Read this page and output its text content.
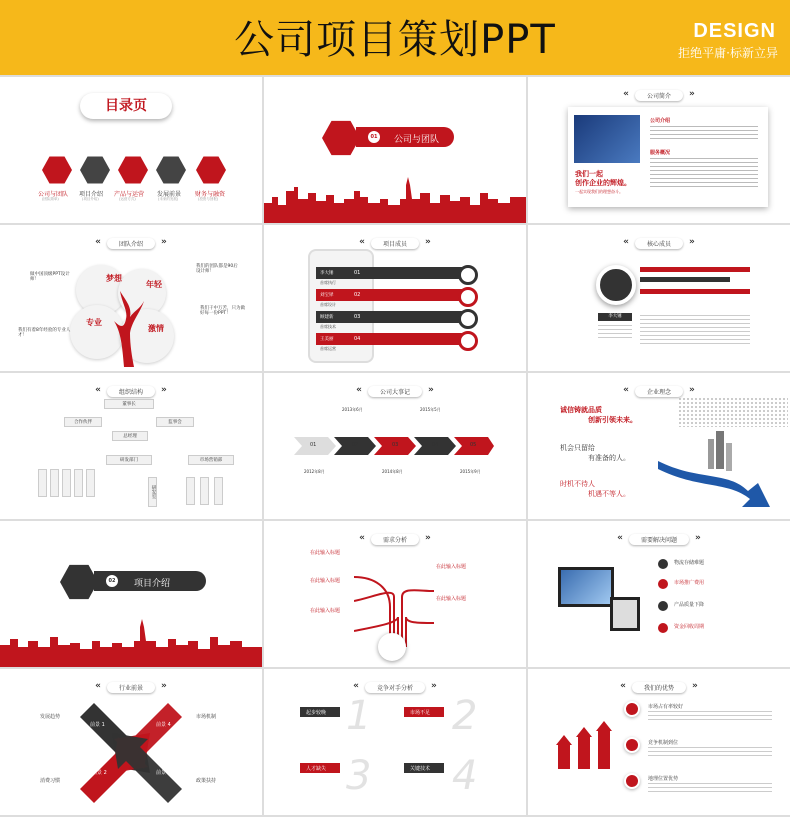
公司项目策划PPT	DESIGN
拒绝平庸·标新立异
目录页
公司与团队 项目介绍 产品与运营 发展前景 财务与融资
(团队简单)	(项目介绍)	(运营方式)	(未来的发展)	(投资与回报)
01 公司与团队
«	公司简介 »
我们一起
创作企业的辉煌。
一起实现我们的理想奋斗。
公司介绍
服务概况
«	团队介绍 »
梦想
年轻
专业
激情
做中国顶级PPT设计师！
我们的团队都是90后设计师！
我们有着8年经验的专业人才！
我们干中万苦，只为做好每一份PPT！
«	项目成员 »
李大锤
刘宝铎
顾建新
王美丽
首席执行
首席设计
首席技术
首席运营
01
02
03
04
«	核心成员 »
李大锤
«	组织结构 »
董事长
合作伙伴	监事会
总经理
研发部门	市场营销部
研发室
«	公司大事记 »
01	02	03	04	05
2013年6月	2015年5月
2012年8月	2014年8月	2015年9月
«	企业理念 »
诚信铸就品质
创新引领未来。
机会只留给
有准备的人。
时机不待人
机遇不等人。
02 项目介绍
«	需求分析 »
在此输入标题
在此输入标题
在此输入标题
在此输入标题
在此输入标题
«	需要解决问题 »
物流存储难题
市场推广费用
产品质量下降
资金回收周期
«	行业前景 »
发展趋势	市场机制
消费习惯	政策扶持
前景 1
前景 2	前景 3
前景 4
«	竞争对手分析 »
起步较晚	市场不足
人才缺失	关键技术
1 2
3 4
«	我们的优势 »
市场占有率较好
竞争机制到位
地理位置优势
